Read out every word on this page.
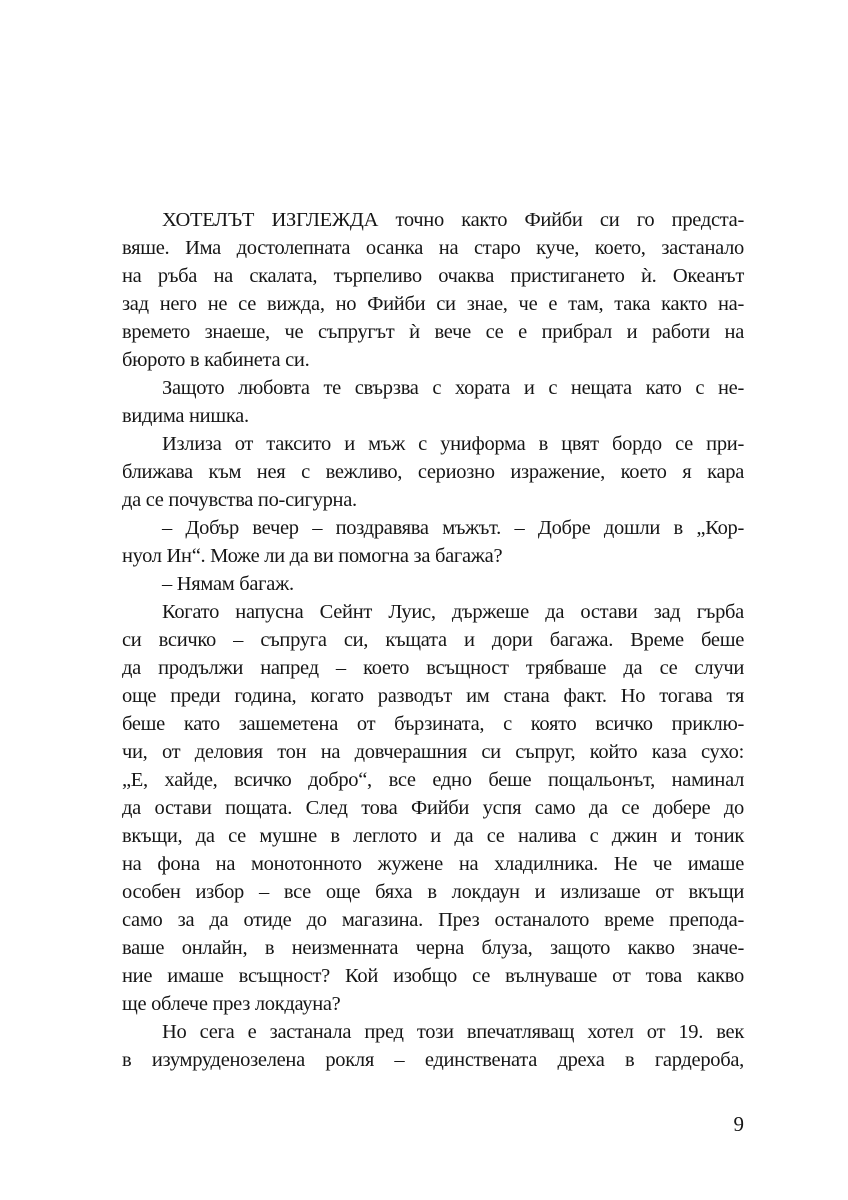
ХОТЕЛЪТ ИЗГЛЕЖДА точно както Фийби си го предста-
вяше. Има достолепната осанка на старо куче, което, застанало
на ръба на скалата, търпеливо очаква пристигането ѝ. Океанът
зад него не се вижда, но Фийби си знае, че е там, така както на-
времето знаеше, че съпругът ѝ вече се е прибрал и работи на
бюрото в кабинета си.
Защото любовта те свързва с хората и с нещата като с не-
видима нишка.
Излиза от таксито и мъж с униформа в цвят бордо се при-
ближава към нея с вежливо, сериозно изражение, което я кара
да се почувства по-сигурна.
– Добър вечер – поздравява мъжът. – Добре дошли в „Кор-
нуол Ин“. Може ли да ви помогна за багажа?
– Нямам багаж.
Когато напусна Сейнт Луис, държеше да остави зад гърба
си всичко – съпруга си, къщата и дори багажа. Време беше
да продължи напред – което всъщност трябваше да се случи
още преди година, когато разводът им стана факт. Но тогава тя
беше като зашеметена от бързината, с която всичко приклю-
чи, от деловия тон на довчерашния си съпруг, който каза сухо:
„Е, хайде, всичко добро“, все едно беше пощальонът, наминал
да остави пощата. След това Фийби успя само да се добере до
вкъщи, да се мушне в леглото и да се налива с джин и тоник
на фона на монотонното жужене на хладилника. Не че имаше
особен избор – все още бяха в локдаун и излизаше от вкъщи
само за да отиде до магазина. През останалото време препода-
ваше онлайн, в неизменната черна блуза, защото какво значе-
ние имаше всъщност? Кой изобщо се вълнуваше от това какво
ще облече през локдауна?
Но сега е застанала пред този впечатляващ хотел от 19. век
в изумруденозелена рокля – единствената дреха в гардероба,
9
